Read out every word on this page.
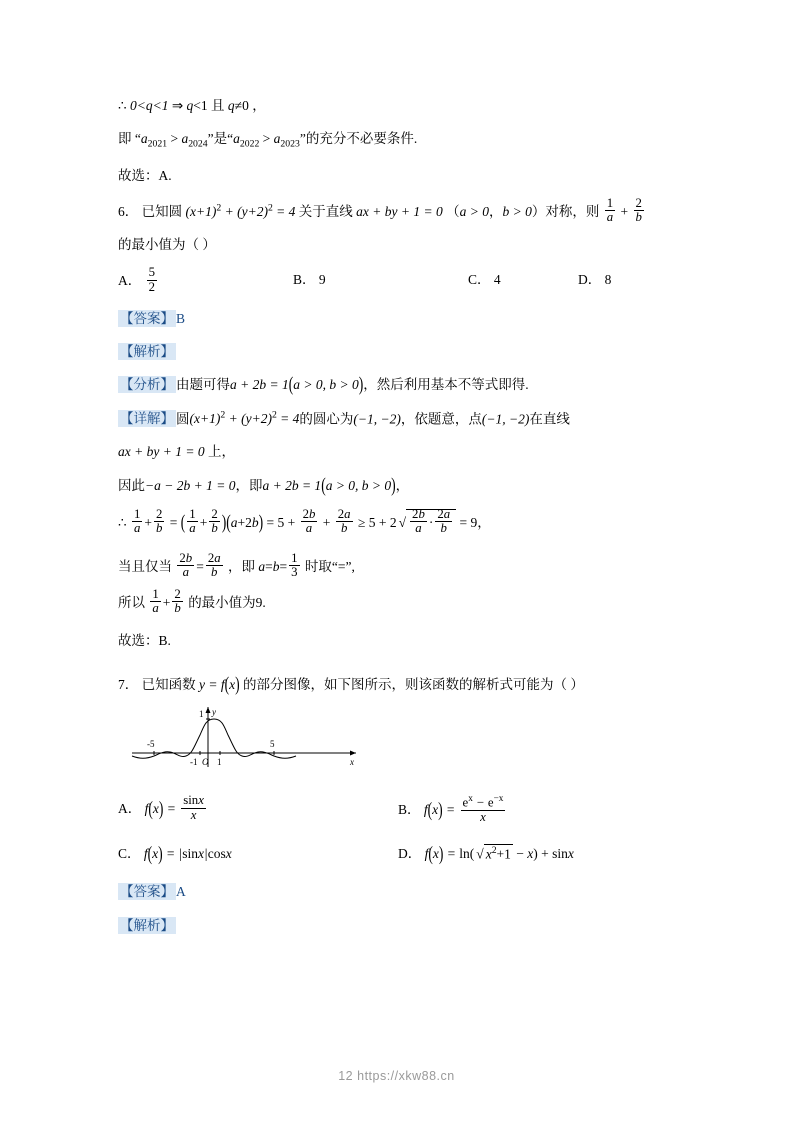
∴ 0<q<1 ⇒ q<1 且 q≠0 ，
即 “$a_{2021} > a_{2024}$”是“$a_{2022} > a_{2023}$”的充分不必要条件.
故选：A.
6． 已知圆 $(x+1)^2 + (y+2)^2 = 4$ 关于直线 ax + by + 1 = 0 （a > 0，b > 0）对称，则 $\frac{1}{a} + \frac{2}{b}$
的最小值为（ ）
A． $\frac{5}{2}$	B． 9	C． 4	D． 8
【答案】 B
【解析】
【分析】 由题可得a + 2b = 1(a > 0, b > 0)，然后利用基本不等式即得.
【详解】 圆$(x+1)^2 + (y+2)^2 = 4$的圆心为(−1, −2)，依题意，点(−1, −2)在直线
ax + by + 1 = 0 上，
因此−a − 2b + 1 = 0，即a + 2b = 1(a > 0, b > 0)，
∴ $\frac{1}{a} + \frac{2}{b}$ = ( $\frac{1}{a} + \frac{2}{b} )(a+2b) = 5 + \frac{2b}{a} + \frac{2a}{b} \ge 5 + 2$ √ $\frac{2b}{a} \cdot \frac{2a}{b} = 9$，
当且仅当 $\frac{2b}{a} = \frac{2a}{b}$ ，即 $a=b= \frac{1}{3}$ 时取“=”,
所以 $\frac{1}{a} + \frac{2}{b}$ 的最小值为9.
故选：B.
7． 已知函数 y = f(x) 的部分图像，如下图所示，则该函数的解析式可能为（ ）
-5	5
-1 O 1
1 y
x
A． $f(x) = \frac{\sin x}{x}$	B． $f(x) = \frac{e^x - e^{-x}}{x}$
C． f(x) = |sinx|cosx	D． f(x) = ln( √ $x^2+1 - x) + \sin x$
【答案】 A
【解析】
12 https://xkw88.cn
